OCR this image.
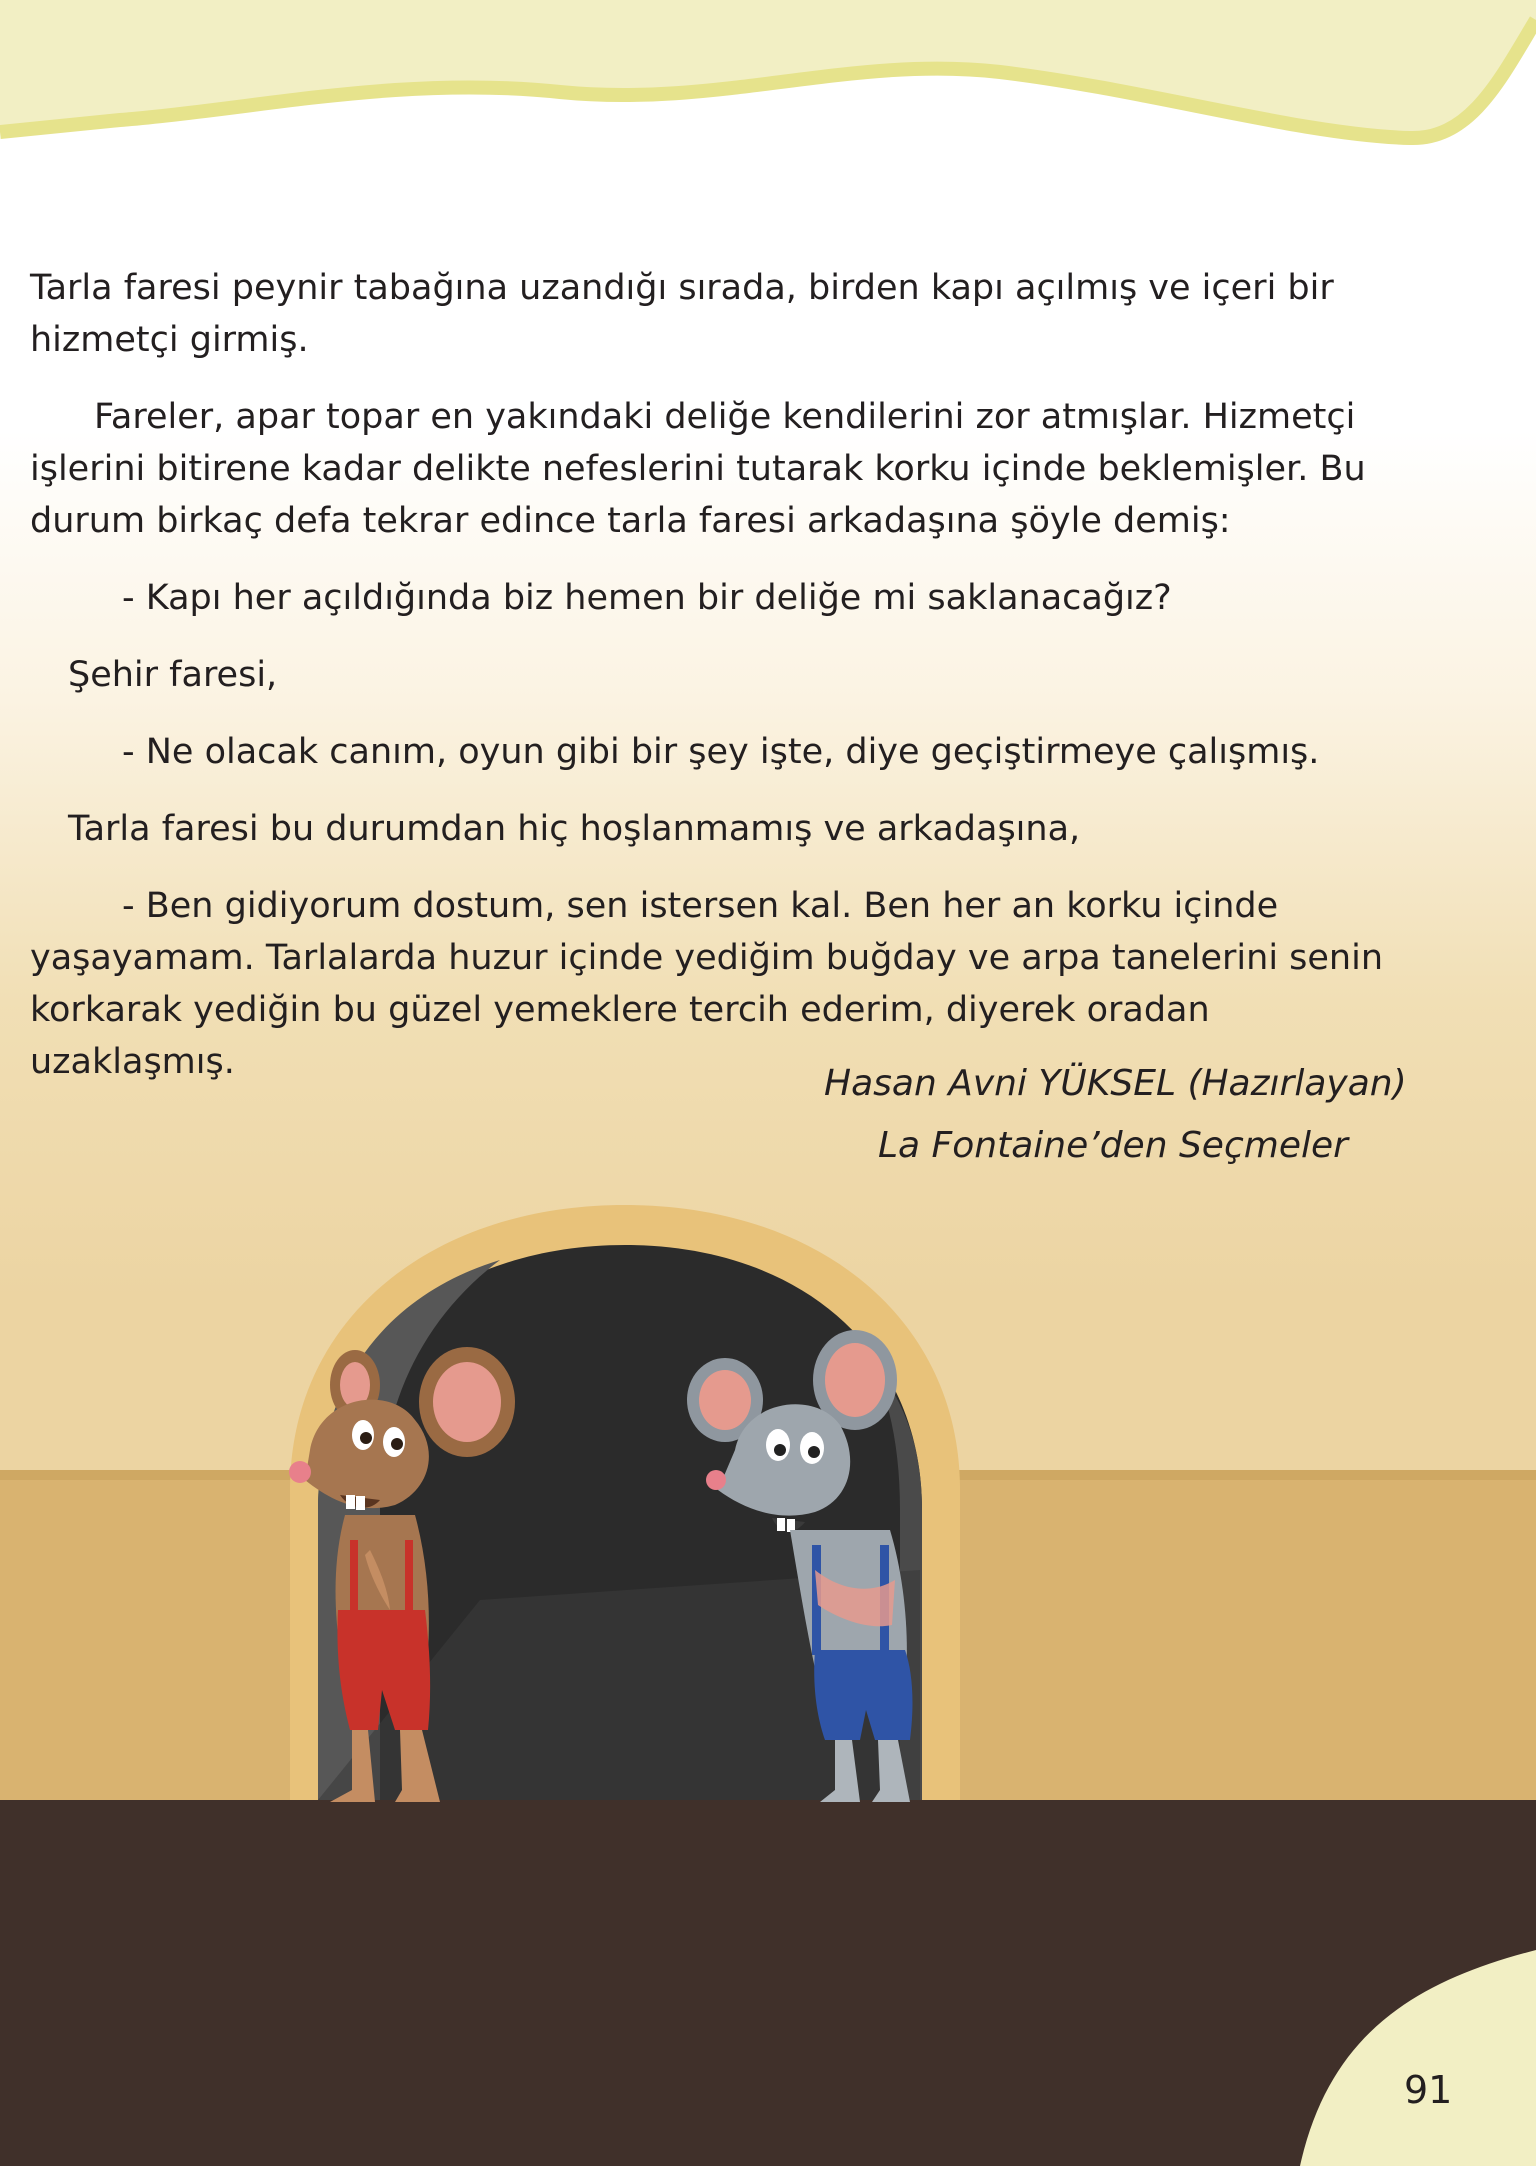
Tarla faresi peynir tabağına uzandığı sırada, birden kapı açılmış ve içeri bir hizmetçi girmiş.

Fareler, apar topar en yakındaki deliğe kendilerini zor atmışlar. Hizmetçi işlerini bitirene kadar delikte nefeslerini tutarak korku içinde beklemişler. Bu durum birkaç defa tekrar edince tarla faresi arkadaşına şöyle demiş:

- Kapı her açıldığında biz hemen bir deliğe mi saklanacağız?

Şehir faresi,

- Ne olacak canım, oyun gibi bir şey işte, diye geçiştirmeye çalışmış.

Tarla faresi bu durumdan hiç hoşlanmamış ve arkadaşına,

- Ben gidiyorum dostum, sen istersen kal. Ben her an korku içinde yaşayamam. Tarlalarda huzur içinde yediğim buğday ve arpa tanelerini senin korkarak yediğin bu güzel yemeklere tercih ederim, diyerek oradan uzaklaşmış.

Hasan Avni YÜKSEL (Hazırlayan)
La Fontaine’den Seçmeler
91
